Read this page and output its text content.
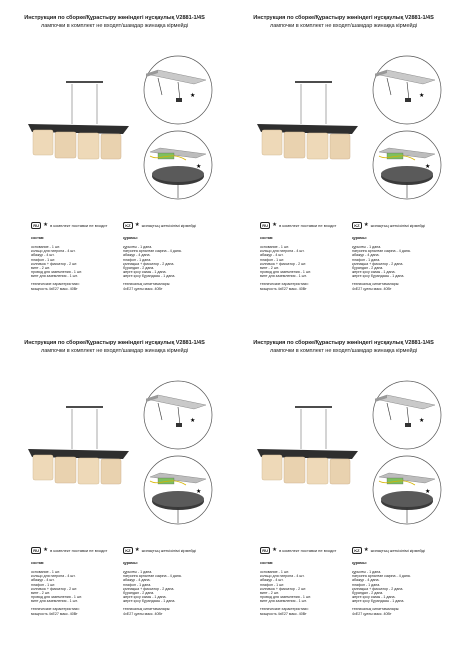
Инструкция по сборке/Құрастыру жөніндегі нұсқаулық V2881-1/4S
лампочки в комплект не входят/шамдар жинаққа кірмейді
★
★
RU ★ в комплект поставки не входит	KZ ★ жинақтың жеткізілімі кірмейді
состав:
основание - 1 шт.
кольцо для патрона - 4 шт.
абажур - 4 шт.
плафон - 1 шт.
колпачок + фиксатор - 2 шт.
винт - 2 шт.
провод для заземления - 1 шт.
винт для заземления - 1 шт.
технические характеристики:
мощность 4xE27 макс. 40Вт
құрамы:
құрылғы - 1 дана.
патронға арналған сақина - 4 дана.
абажур - 4 дана.
плафон - 1 дана.
қалпақша + фиксатор - 2 дана.
бұрандал - 2 дана.
жерге қосу сымы - 1 дана.
жерге қосу бұрандасы - 1 дана.
техникалық сипаттамалары:
4xE27 қуаты макс. 40Вт
Инструкция по сборке/Құрастыру жөніндегі нұсқаулық V2881-1/4S
лампочки в комплект не входят/шамдар жинаққа кірмейді
★
★
RU ★ в комплект поставки не входит	KZ ★ жинақтың жеткізілімі кірмейді
состав:
основание - 1 шт.
кольцо для патрона - 4 шт.
абажур - 4 шт.
плафон - 1 шт.
колпачок + фиксатор - 2 шт.
винт - 2 шт.
провод для заземления - 1 шт.
винт для заземления - 1 шт.
технические характеристики:
мощность 4xE27 макс. 40Вт
құрамы:
құрылғы - 1 дана.
патронға арналған сақина - 4 дана.
абажур - 4 дана.
плафон - 1 дана.
қалпақша + фиксатор - 2 дана.
бұрандал - 2 дана.
жерге қосу сымы - 1 дана.
жерге қосу бұрандасы - 1 дана.
техникалық сипаттамалары:
4xE27 қуаты макс. 40Вт
Инструкция по сборке/Құрастыру жөніндегі нұсқаулық V2881-1/4S
лампочки в комплект не входят/шамдар жинаққа кірмейді
★
★
RU ★ в комплект поставки не входит	KZ ★ жинақтың жеткізілімі кірмейді
состав:
основание - 1 шт.
кольцо для патрона - 4 шт.
абажур - 4 шт.
плафон - 1 шт.
колпачок + фиксатор - 2 шт.
винт - 2 шт.
провод для заземления - 1 шт.
винт для заземления - 1 шт.
технические характеристики:
мощность 4xE27 макс. 40Вт
құрамы:
құрылғы - 1 дана.
патронға арналған сақина - 4 дана.
абажур - 4 дана.
плафон - 1 дана.
қалпақша + фиксатор - 2 дана.
бұрандал - 2 дана.
жерге қосу сымы - 1 дана.
жерге қосу бұрандасы - 1 дана.
техникалық сипаттамалары:
4xE27 қуаты макс. 40Вт
Инструкция по сборке/Құрастыру жөніндегі нұсқаулық V2881-1/4S
лампочки в комплект не входят/шамдар жинаққа кірмейді
★
★
RU ★ в комплект поставки не входит	KZ ★ жинақтың жеткізілімі кірмейді
состав:
основание - 1 шт.
кольцо для патрона - 4 шт.
абажур - 4 шт.
плафон - 1 шт.
колпачок + фиксатор - 2 шт.
винт - 2 шт.
провод для заземления - 1 шт.
винт для заземления - 1 шт.
технические характеристики:
мощность 4xE27 макс. 40Вт
құрамы:
құрылғы - 1 дана.
патронға арналған сақина - 4 дана.
абажур - 4 дана.
плафон - 1 дана.
қалпақша + фиксатор - 2 дана.
бұрандал - 2 дана.
жерге қосу сымы - 1 дана.
жерге қосу бұрандасы - 1 дана.
техникалық сипаттамалары:
4xE27 қуаты макс. 40Вт
